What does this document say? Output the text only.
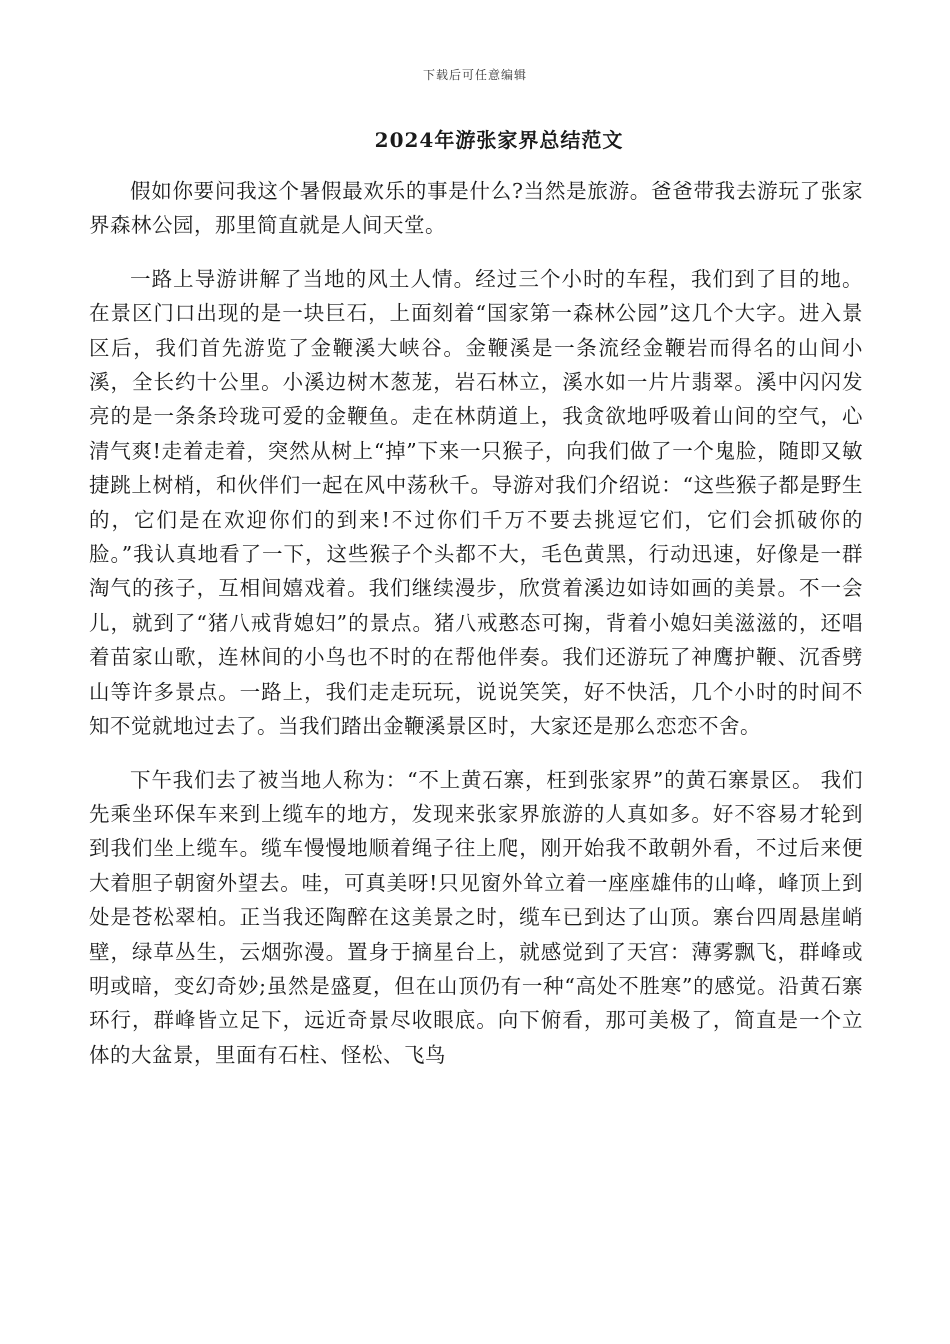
下载后可任意编辑
2024年游张家界总结范文

假如你要问我这个暑假最欢乐的事是什么?当然是旅游。爸爸带我去游玩了张家界森林公园，那里简直就是人间天堂。

一路上导游讲解了当地的风土人情。经过三个小时的车程，我们到了目的地。在景区门口出现的是一块巨石，上面刻着“国家第一森林公园”这几个大字。进入景区后，我们首先游览了金鞭溪大峡谷。金鞭溪是一条流经金鞭岩而得名的山间小溪，全长约十公里。小溪边树木葱茏，岩石林立，溪水如一片片翡翠。溪中闪闪发亮的是一条条玲珑可爱的金鞭鱼。走在林荫道上，我贪欲地呼吸着山间的空气，心清气爽!走着走着，突然从树上“掉”下来一只猴子，向我们做了一个鬼脸，随即又敏捷跳上树梢，和伙伴们一起在风中荡秋千。导游对我们介绍说：“这些猴子都是野生的，它们是在欢迎你们的到来!不过你们千万不要去挑逗它们，它们会抓破你的脸。”我认真地看了一下，这些猴子个头都不大，毛色黄黑，行动迅速，好像是一群淘气的孩子，互相间嬉戏着。我们继续漫步，欣赏着溪边如诗如画的美景。不一会儿，就到了“猪八戒背媳妇”的景点。猪八戒憨态可掬，背着小媳妇美滋滋的，还唱着苗家山歌，连林间的小鸟也不时的在帮他伴奏。我们还游玩了神鹰护鞭、沉香劈山等许多景点。一路上，我们走走玩玩，说说笑笑，好不快活，几个小时的时间不知不觉就地过去了。当我们踏出金鞭溪景区时，大家还是那么恋恋不舍。

下午我们去了被当地人称为：“不上黄石寨，枉到张家界”的黄石寨景区。 我们先乘坐环保车来到上缆车的地方，发现来张家界旅游的人真如多。好不容易才轮到到我们坐上缆车。缆车慢慢地顺着绳子往上爬，刚开始我不敢朝外看，不过后来便大着胆子朝窗外望去。哇，可真美呀!只见窗外耸立着一座座雄伟的山峰，峰顶上到处是苍松翠柏。正当我还陶醉在这美景之时，缆车已到达了山顶。寨台四周悬崖峭壁，绿草丛生，云烟弥漫。置身于摘星台上，就感觉到了天宫：薄雾飘飞，群峰或明或暗，变幻奇妙;虽然是盛夏，但在山顶仍有一种“高处不胜寒”的感觉。沿黄石寨环行，群峰皆立足下，远近奇景尽收眼底。向下俯看，那可美极了，简直是一个立体的大盆景，里面有石柱、怪松、飞鸟
